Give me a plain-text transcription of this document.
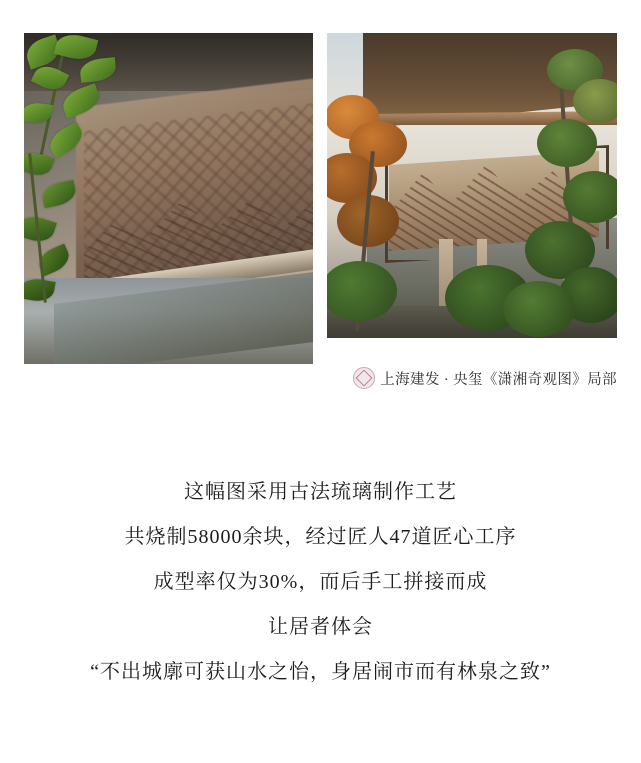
上海建发 · 央玺《潇湘奇观图》局部
这幅图采用古法琉璃制作工艺
共烧制58000余块，经过匠人47道匠心工序
成型率仅为30%，而后手工拼接而成
让居者体会
“不出城廓可获山水之怡，身居闹市而有林泉之致”
